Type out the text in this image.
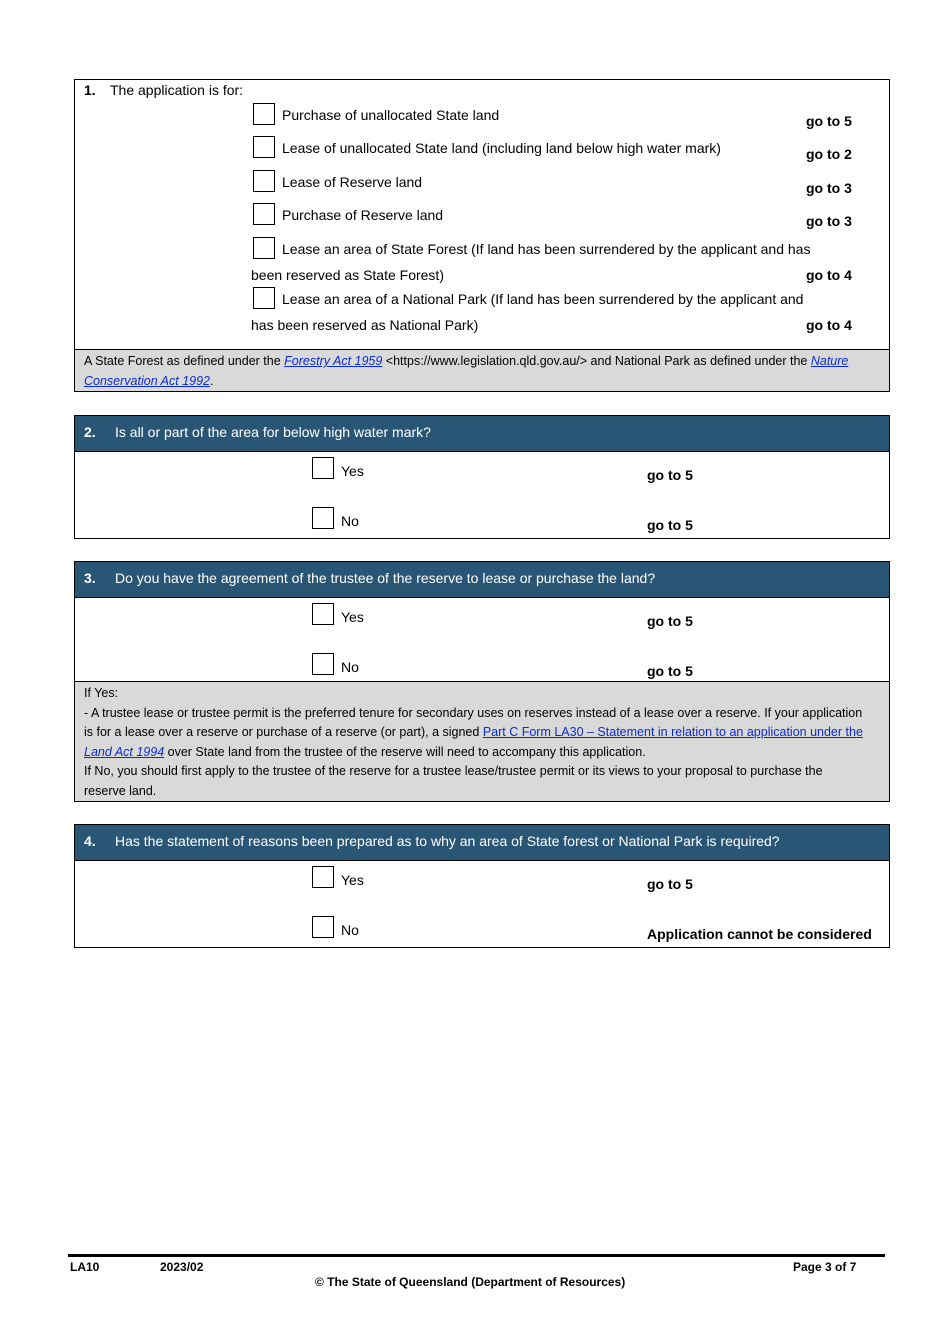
1. The application is for:
Purchase of unallocated State land	go to 5
Lease of unallocated State land (including land below high water mark)	go to 2
Lease of Reserve land	go to 3
Purchase of Reserve land	go to 3
Lease an area of State Forest (If land has been surrendered by the applicant and has
been reserved as State Forest)	go to 4
Lease an area of a National Park (If land has been surrendered by the applicant and
has been reserved as National Park)	go to 4
A State Forest as defined under the Forestry Act 1959 <https://www.legislation.qld.gov.au/> and National Park as defined under the Nature
Conservation Act 1992.
2. Is all or part of the area for below high water mark?
Yes	go to 5
No	go to 5
3. Do you have the agreement of the trustee of the reserve to lease or purchase the land?
Yes	go to 5
No	go to 5
If Yes:
- A trustee lease or trustee permit is the preferred tenure for secondary uses on reserves instead of a lease over a reserve. If your application
is for a lease over a reserve or purchase of a reserve (or part), a signed Part C Form LA30 – Statement in relation to an application under the
Land Act 1994 over State land from the trustee of the reserve will need to accompany this application.
If No, you should first apply to the trustee of the reserve for a trustee lease/trustee permit or its views to your proposal to purchase the
reserve land.
4. Has the statement of reasons been prepared as to why an area of State forest or National Park is required?
Yes	go to 5
No	Application cannot be considered
LA10	2023/02	Page 3 of 7
© The State of Queensland (Department of Resources)
